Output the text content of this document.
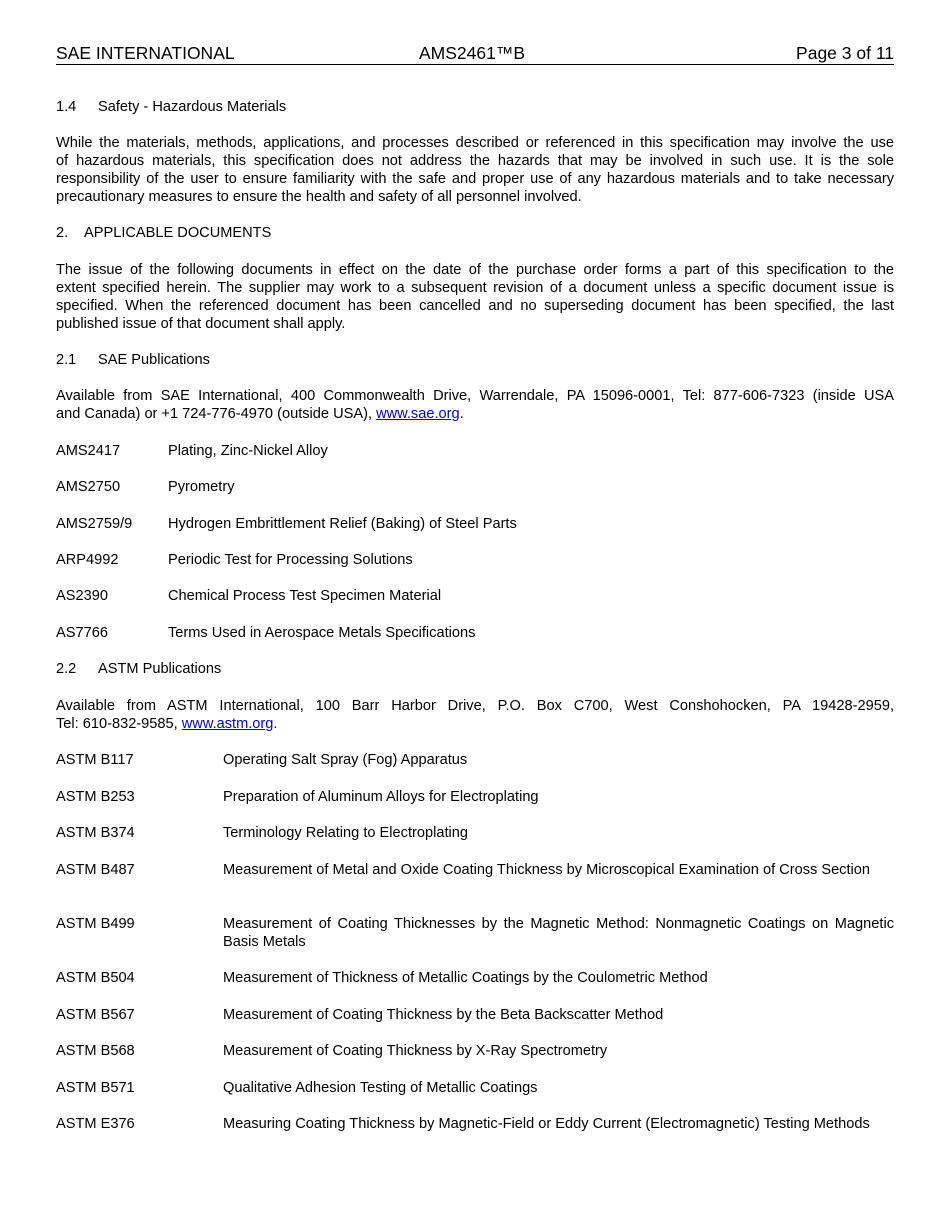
SAE INTERNATIONAL	AMS2461™B	Page 3 of 11
1.4 Safety - Hazardous Materials
While the materials, methods, applications, and processes described or referenced in this specification may involve the use
of hazardous materials, this specification does not address the hazards that may be involved in such use. It is the sole
responsibility of the user to ensure familiarity with the safe and proper use of any hazardous materials and to take necessary
precautionary measures to ensure the health and safety of all personnel involved.
2. APPLICABLE DOCUMENTS
The issue of the following documents in effect on the date of the purchase order forms a part of this specification to the
extent specified herein. The supplier may work to a subsequent revision of a document unless a specific document issue is
specified. When the referenced document has been cancelled and no superseding document has been specified, the last
published issue of that document shall apply.
2.1 SAE Publications
Available from SAE International, 400 Commonwealth Drive, Warrendale, PA 15096-0001, Tel: 877-606-7323 (inside USA
and Canada) or +1 724-776-4970 (outside USA), www.sae.org.
AMS2417	Plating, Zinc-Nickel Alloy
AMS2750	Pyrometry
AMS2759/9 Hydrogen Embrittlement Relief (Baking) of Steel Parts
ARP4992	Periodic Test for Processing Solutions
AS2390	Chemical Process Test Specimen Material
AS7766	Terms Used in Aerospace Metals Specifications
2.2 ASTM Publications
Available from ASTM International, 100 Barr Harbor Drive, P.O. Box C700, West Conshohocken, PA 19428-2959,
Tel: 610-832-9585, www.astm.org.
ASTM B117	Operating Salt Spray (Fog) Apparatus
ASTM B253	Preparation of Aluminum Alloys for Electroplating
ASTM B374	Terminology Relating to Electroplating
ASTM B487	Measurement of Metal and Oxide Coating Thickness by Microscopical Examination of Cross Section
ASTM B499	Measurement of Coating Thicknesses by the Magnetic Method: Nonmagnetic Coatings on Magnetic Basis Metals
ASTM B504	Measurement of Thickness of Metallic Coatings by the Coulometric Method
ASTM B567	Measurement of Coating Thickness by the Beta Backscatter Method
ASTM B568	Measurement of Coating Thickness by X-Ray Spectrometry
ASTM B571	Qualitative Adhesion Testing of Metallic Coatings
ASTM E376	Measuring Coating Thickness by Magnetic-Field or Eddy Current (Electromagnetic) Testing Methods
